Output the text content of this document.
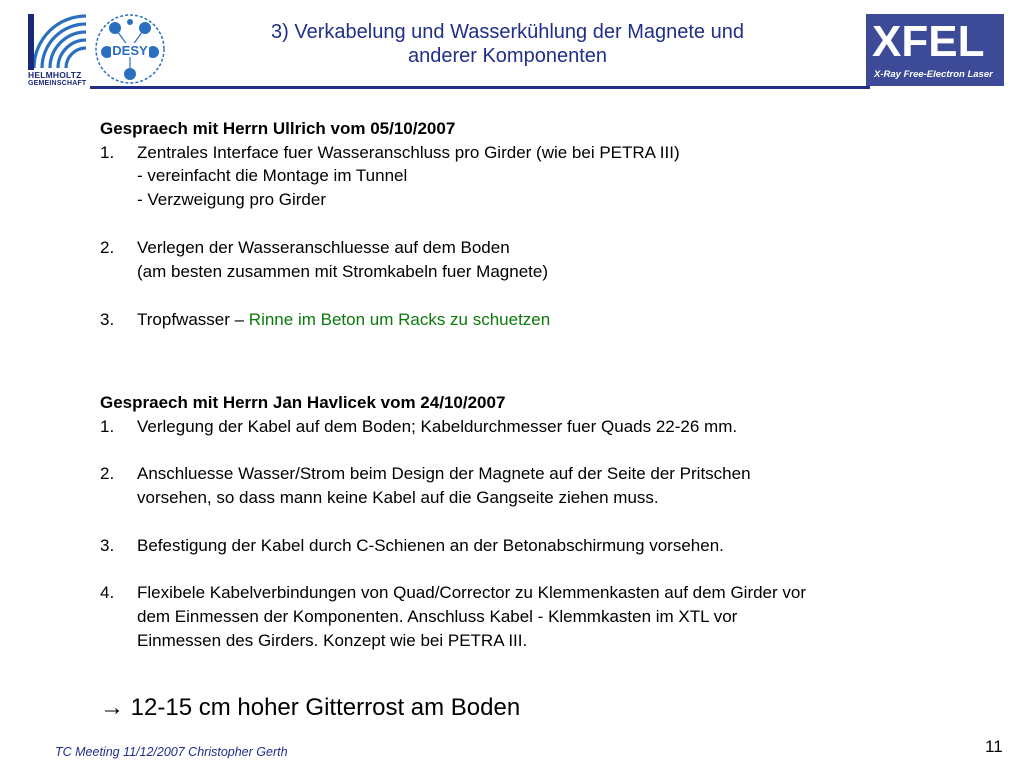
HELMHOLTZ
GEMEINSCHAFT
DESY
3) Verkabelung und Wasserkühlung der Magnete und
anderer Komponenten	XFEL
X-Ray Free-Electron Laser
Gespraech mit Herrn Ullrich vom 05/10/2007
1. Zentrales Interface fuer Wasseranschluss pro Girder (wie bei PETRA III)
- vereinfacht die Montage im Tunnel
- Verzweigung pro Girder
2. Verlegen der Wasseranschluesse auf dem Boden
(am besten zusammen mit Stromkabeln fuer Magnete)
3. Tropfwasser – Rinne im Beton um Racks zu schuetzen
Gespraech mit Herrn Jan Havlicek vom 24/10/2007
1. Verlegung der Kabel auf dem Boden; Kabeldurchmesser fuer Quads 22-26 mm.
2. Anschluesse Wasser/Strom beim Design der Magnete auf der Seite der Pritschen
vorsehen, so dass mann keine Kabel auf die Gangseite ziehen muss.
3. Befestigung der Kabel durch C-Schienen an der Betonabschirmung vorsehen.
4. Flexibele Kabelverbindungen von Quad/Corrector zu Klemmenkasten auf dem Girder vor
dem Einmessen der Komponenten. Anschluss Kabel - Klemmkasten im XTL vor
Einmessen des Girders. Konzept wie bei PETRA III.
→ 12-15 cm hoher Gitterrost am Boden
TC Meeting 11/12/2007 Christopher Gerth	11
